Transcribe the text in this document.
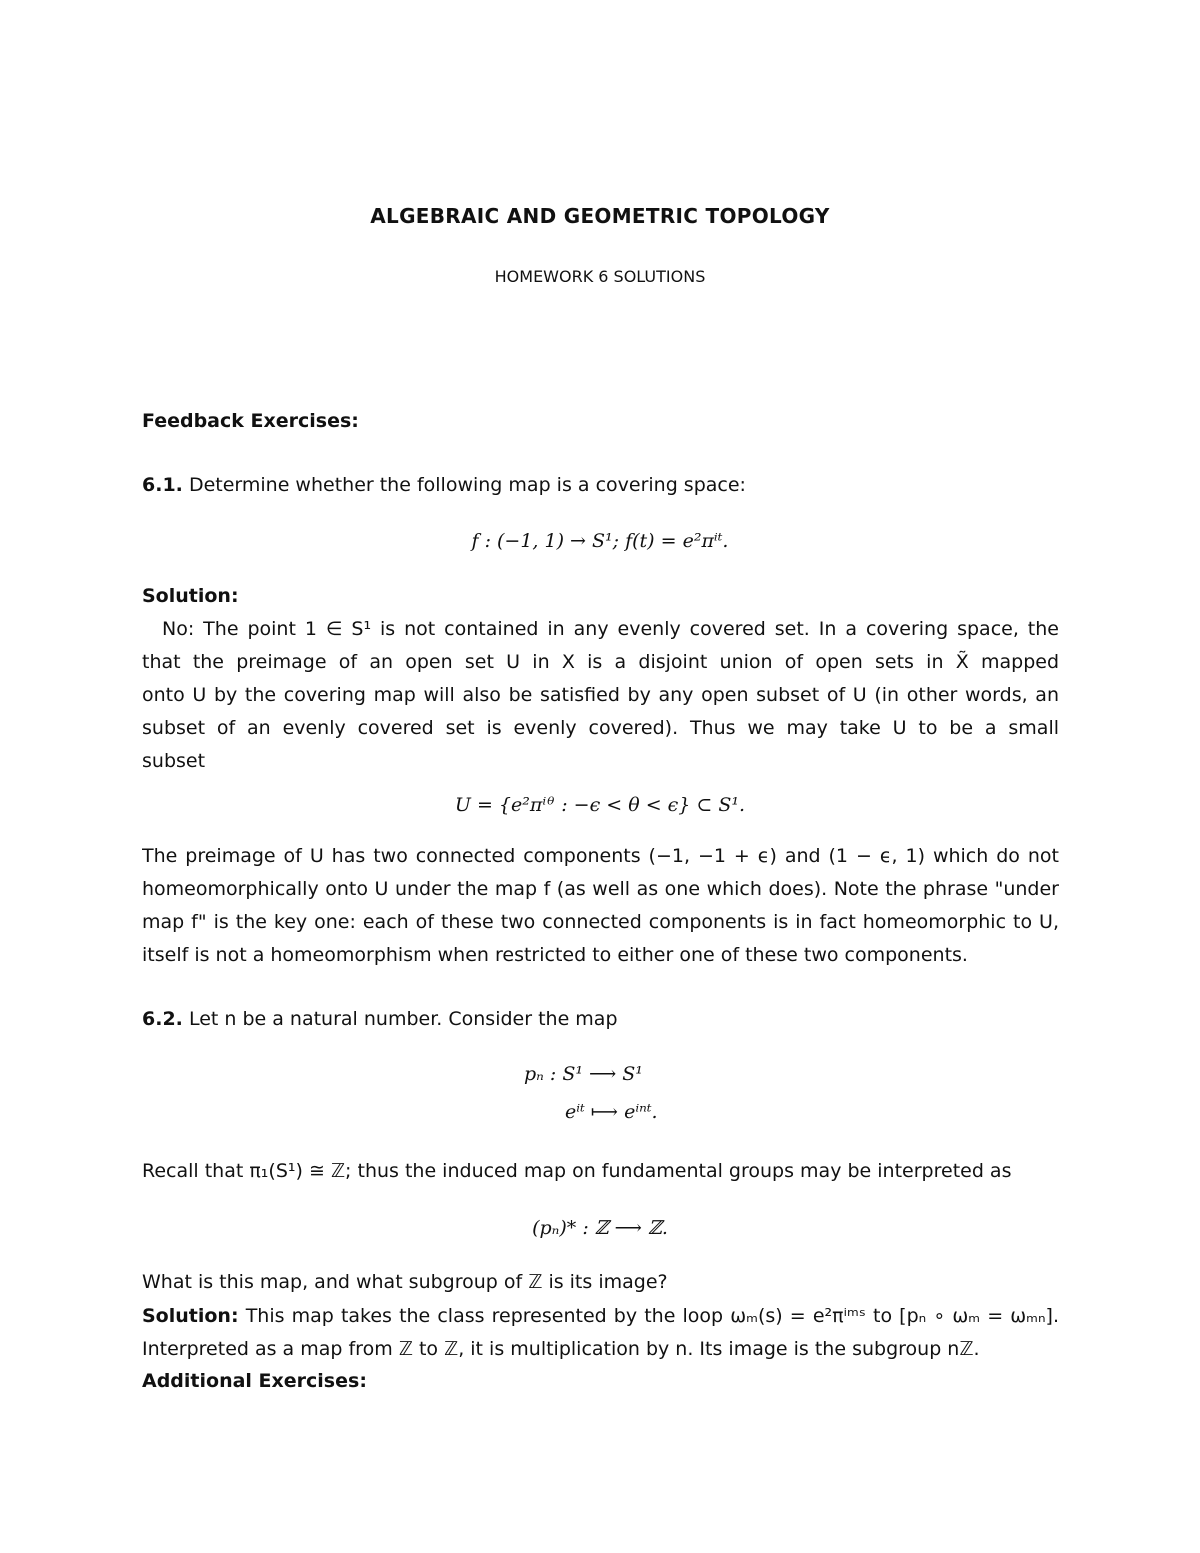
ALGEBRAIC AND GEOMETRIC TOPOLOGY
HOMEWORK 6 SOLUTIONS
Feedback Exercises:
6.1. Determine whether the following map is a covering space:
f : (−1, 1) → S¹; f(t) = e²πⁱᵗ.
Solution:
No: The point 1 ∈ S¹ is not contained in any evenly covered set. In a covering space, the
that the preimage of an open set U in X is a disjoint union of open sets in X̃ mapped
onto U by the covering map will also be satisfied by any open subset of U (in other words, an
subset of an evenly covered set is evenly covered). Thus we may take U to be a small
subset
U = {e²πⁱᶿ : −ϵ < θ < ϵ} ⊂ S¹.
The preimage of U has two connected components (−1, −1 + ϵ) and (1 − ϵ, 1) which do not
homeomorphically onto U under the map f (as well as one which does). Note the phrase "under
map f" is the key one: each of these two connected components is in fact homeomorphic to U,
itself is not a homeomorphism when restricted to either one of these two components.
6.2. Let n be a natural number. Consider the map
pₙ : S¹ ⟶ S¹
eⁱᵗ ⟼ eⁱⁿᵗ.
Recall that π₁(S¹) ≅ ℤ; thus the induced map on fundamental groups may be interpreted as
(pₙ)* : ℤ ⟶ ℤ.
What is this map, and what subgroup of ℤ is its image?
Solution: This map takes the class represented by the loop ωₘ(s) = e²πⁱᵐˢ to [pₙ ∘ ωₘ = ωₘₙ].
Interpreted as a map from ℤ to ℤ, it is multiplication by n. Its image is the subgroup nℤ.
Additional Exercises:
